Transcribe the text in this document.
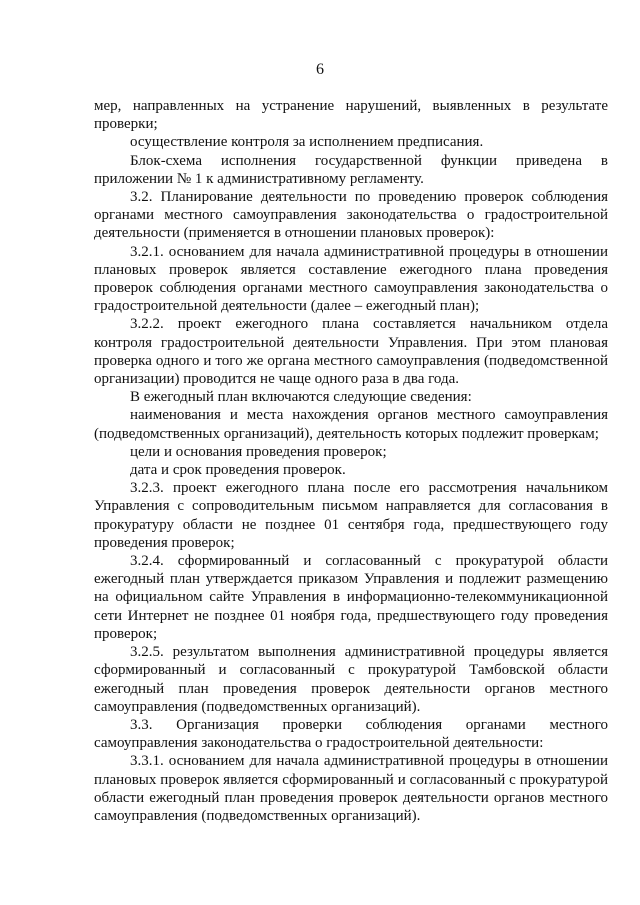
6

мер, направленных на устранение нарушений, выявленных в результате проверки;

осуществление контроля за исполнением предписания.

Блок-схема исполнения государственной функции приведена в приложении № 1 к административному регламенту.

3.2. Планирование деятельности по проведению проверок соблюдения органами местного самоуправления законодательства о градостроительной деятельности (применяется в отношении плановых проверок):

3.2.1. основанием для начала административной процедуры в отношении плановых проверок является составление ежегодного плана проведения проверок соблюдения органами местного самоуправления законодательства о градостроительной деятельности (далее – ежегодный план);

3.2.2. проект ежегодного плана составляется начальником отдела контроля градостроительной деятельности Управления. При этом плановая проверка одного и того же органа местного самоуправления (подведомственной организации) проводится не чаще одного раза в два года.

В ежегодный план включаются следующие сведения:

наименования и места нахождения органов местного самоуправления (подведомственных организаций), деятельность которых подлежит проверкам;

цели и основания проведения проверок;

дата и срок проведения проверок.

3.2.3. проект ежегодного плана после его рассмотрения начальником Управления с сопроводительным письмом направляется для согласования в прокуратуру области не позднее 01 сентября года, предшествующего году проведения проверок;

3.2.4. сформированный и согласованный с прокуратурой области ежегодный план утверждается приказом Управления и подлежит размещению на официальном сайте Управления в информационно-телекоммуникационной сети Интернет не позднее 01 ноября года, предшествующего году проведения проверок;

3.2.5. результатом выполнения административной процедуры является сформированный и согласованный с прокуратурой Тамбовской области ежегодный план проведения проверок деятельности органов местного самоуправления (подведомственных организаций).

3.3. Организация проверки соблюдения органами местного самоуправления законодательства о градостроительной деятельности:

3.3.1. основанием для начала административной процедуры в отношении плановых проверок является сформированный и согласованный с прокуратурой области ежегодный план проведения проверок деятельности органов местного самоуправления (подведомственных организаций).
